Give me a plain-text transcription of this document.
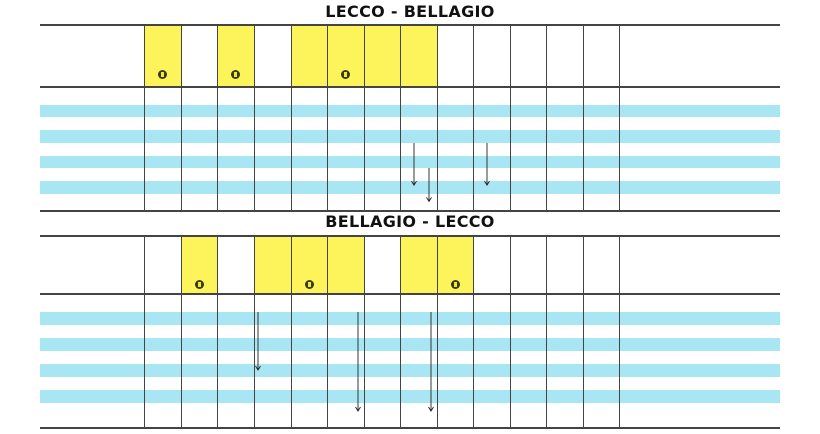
LECCO - BELLAGIO
BELLAGIO - LECCO
